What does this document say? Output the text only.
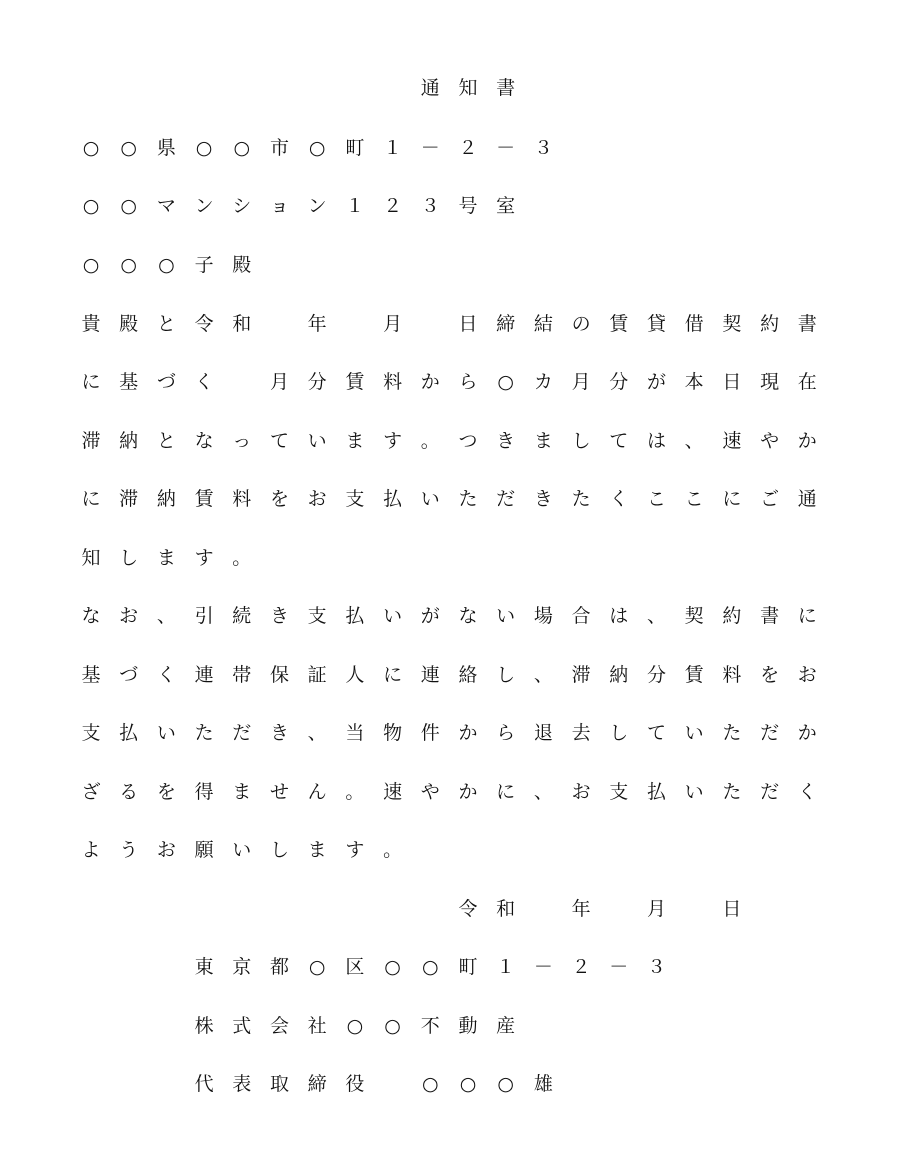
通 知 書

○	○	県	○	○	市	○	町 １ － ２ － ３

○	○	マ ン シ ョ ン １ ２ ３ 号 室

○	○	○	子 殿

貴 殿 と 令 和	年	月	日 締 結 の 賃 貸 借 契 約 書

に 基 づ く	月 分 賃 料 か ら	○	カ 月 分 が 本 日 現 在

滞 納 と な っ て い ま す 。 つ き ま し て は 、 速 や か

に 滞 納 賃 料 を お 支 払 い た だ き た く こ こ に ご 通

知 し ま す 。

な お 、 引 続 き 支 払 い が な い 場 合 は 、 契 約 書 に

基 づ く 連 帯 保 証 人 に 連 絡 し 、 滞 納 分 賃 料 を お

支 払 い た だ き 、 当 物 件 か ら 退 去 し て い た だ か

ざ る を 得 ま せ ん 。 速 や か に 、 お 支 払 い た だ く

よ う お 願 い し ま す 。

令 和	年	月	日

東 京 都	○	区	○	○	町 １ － ２ － ３

株 式 会 社	○	○	不 動 産

代 表 取 締 役	○	○	○	雄
